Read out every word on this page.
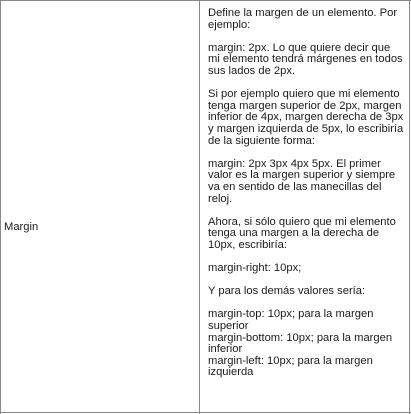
Margin

Define la margen de un elemento. Por ejemplo:

margin: 2px. Lo que quiere decir que mi elemento tendrá márgenes en todos sus lados de 2px.

Si por ejemplo quiero que mi elemento tenga margen superior de 2px, margen inferior de 4px, margen derecha de 3px y margen izquierda de 5px, lo escribiría de la siguiente forma:

margin: 2px 3px 4px 5px. El primer valor es la margen superior y siempre va en sentido de las manecillas del reloj.

Ahora, si sólo quiero que mi elemento tenga una margen a la derecha de 10px, escribiría:

margin-right: 10px;

Y para los demás valores sería:

margin-top: 10px; para la margen superior
margin-bottom: 10px; para la margen inferior
margin-left: 10px; para la margen izquierda
